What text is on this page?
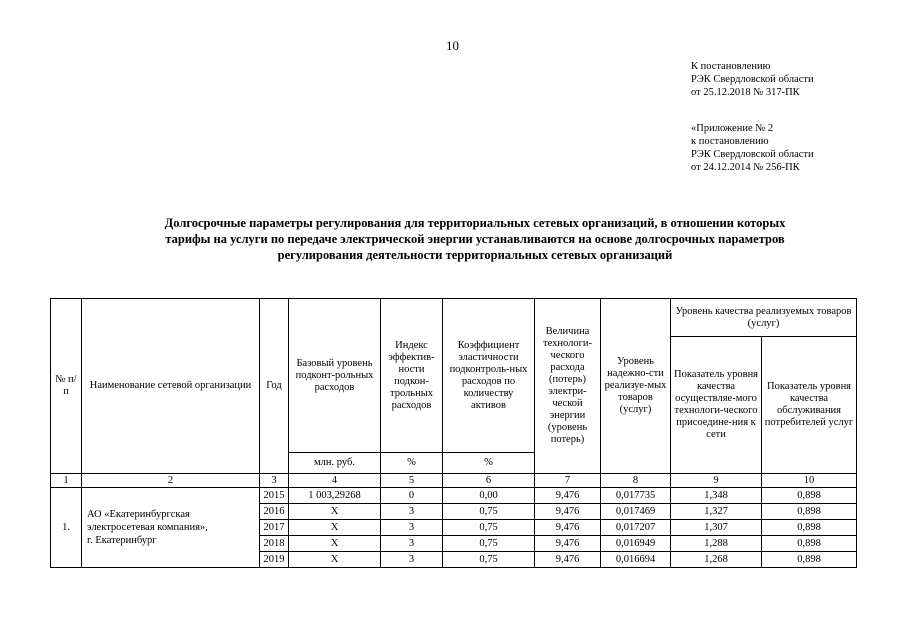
10
К постановлению
РЭК Свердловской области
от 25.12.2018 № 317-ПК
«Приложение № 2
к постановлению
РЭК Свердловской области
от 24.12.2014 № 256-ПК
Долгосрочные параметры регулирования для территориальных сетевых организаций, в отношении которых
тарифы на услуги по передаче электрической энергии устанавливаются на основе долгосрочных параметров
регулирования деятельности территориальных сетевых организаций
№ п/п	Наименование сетевой организации	Год	Базовый уровень подконт-рольных расходов	Индекс эффектив-ности подкон-трольных расходов	Коэффициент эластичности подконтроль-ных расходов по количеству активов	Величина технологи-ческого расхода (потерь) электри-ческой энергии (уровень потерь)	Уровень надежно-сти реализуе-мых товаров (услуг)	Уровень качества реализуемых товаров (услуг)	
								Показатель уровня качества осуществляе-мого технологи-ческого присоедине-ния к сети	Показатель уровня качества обслуживания потребителей услуг
			млн. руб.	%	%				
1	2	3	4	5	6	7	8	9	10
1.	АО «Екатеринбургская
электросетевая компания»,
г. Екатеринбург	2015	1 003,29268	0	0,00	9,476	0,017735	1,348	0,898
		2016	Х	3	0,75	9,476	0,017469	1,327	0,898
		2017	Х	3	0,75	9,476	0,017207	1,307	0,898
		2018	Х	3	0,75	9,476	0,016949	1,288	0,898
		2019	Х	3	0,75	9,476	0,016694	1,268	0,898
